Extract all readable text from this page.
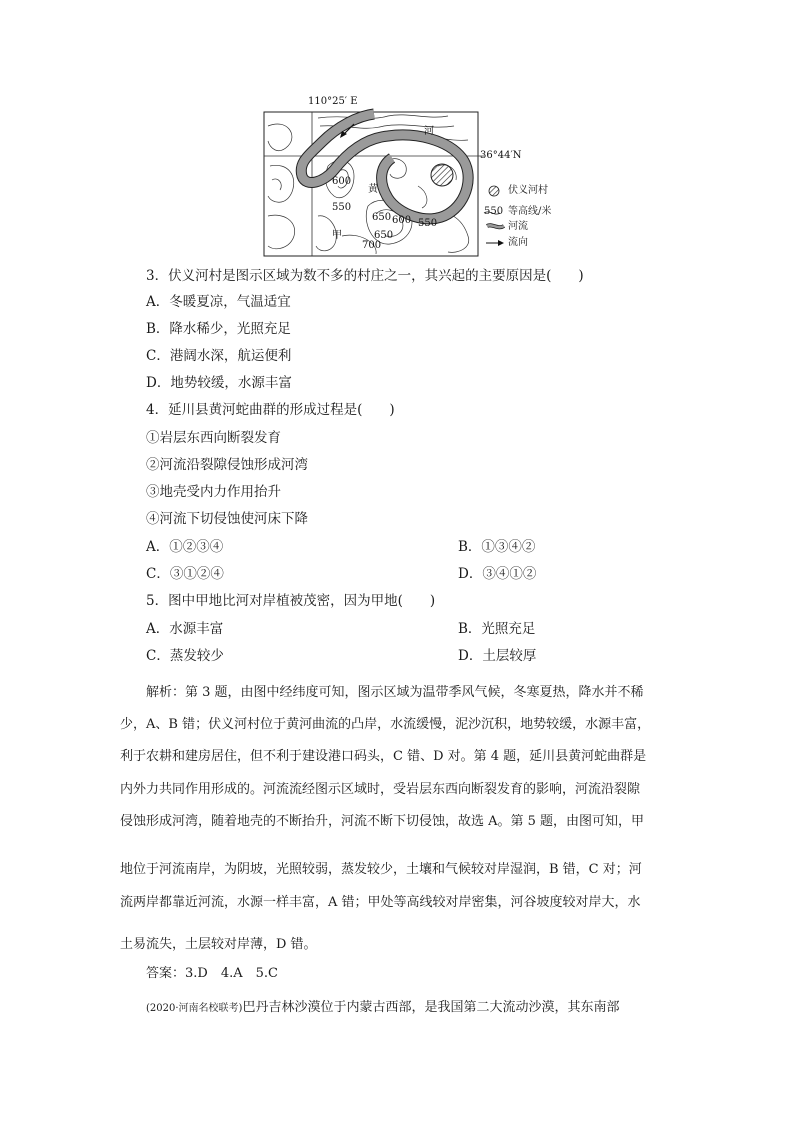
110°25′ E
36°44′N
河
黄
甲
600
550
650 600 550
650
700
伏义河村
550 等高线/米
河流
流向
3．伏义河村是图示区域为数不多的村庄之一，其兴起的主要原因是(　　)
A．冬暖夏凉，气温适宜
B．降水稀少，光照充足
C．港阔水深，航运便利
D．地势较缓，水源丰富
4．延川县黄河蛇曲群的形成过程是(　　)
①岩层东西向断裂发育
②河流沿裂隙侵蚀形成河湾
③地壳受内力作用抬升
④河流下切侵蚀使河床下降
A．①②③④	B．①③④②
C．③①②④	D．③④①②
5．图中甲地比河对岸植被茂密，因为甲地(　　)
A．水源丰富	B．光照充足
C．蒸发较少	D．土层较厚
解析：第 3 题，由图中经纬度可知，图示区域为温带季风气候，冬寒夏热，降水并不稀
少，A、B 错；伏义河村位于黄河曲流的凸岸，水流缓慢，泥沙沉积，地势较缓，水源丰富，
利于农耕和建房居住，但不利于建设港口码头，C 错、D 对。第 4 题，延川县黄河蛇曲群是
内外力共同作用形成的。河流流经图示区域时，受岩层东西向断裂发育的影响，河流沿裂隙
侵蚀形成河湾，随着地壳的不断抬升，河流不断下切侵蚀，故选 A。第 5 题，由图可知，甲
地位于河流南岸，为阴坡，光照较弱，蒸发较少，土壤和气候较对岸湿润，B 错，C 对；河
流两岸都靠近河流，水源一样丰富，A 错；甲处等高线较对岸密集，河谷坡度较对岸大，水
土易流失，土层较对岸薄，D 错。
答案：3.D　4.A　5.C
(2020·河南名校联考)巴丹吉林沙漠位于内蒙古西部，是我国第二大流动沙漠，其东南部
